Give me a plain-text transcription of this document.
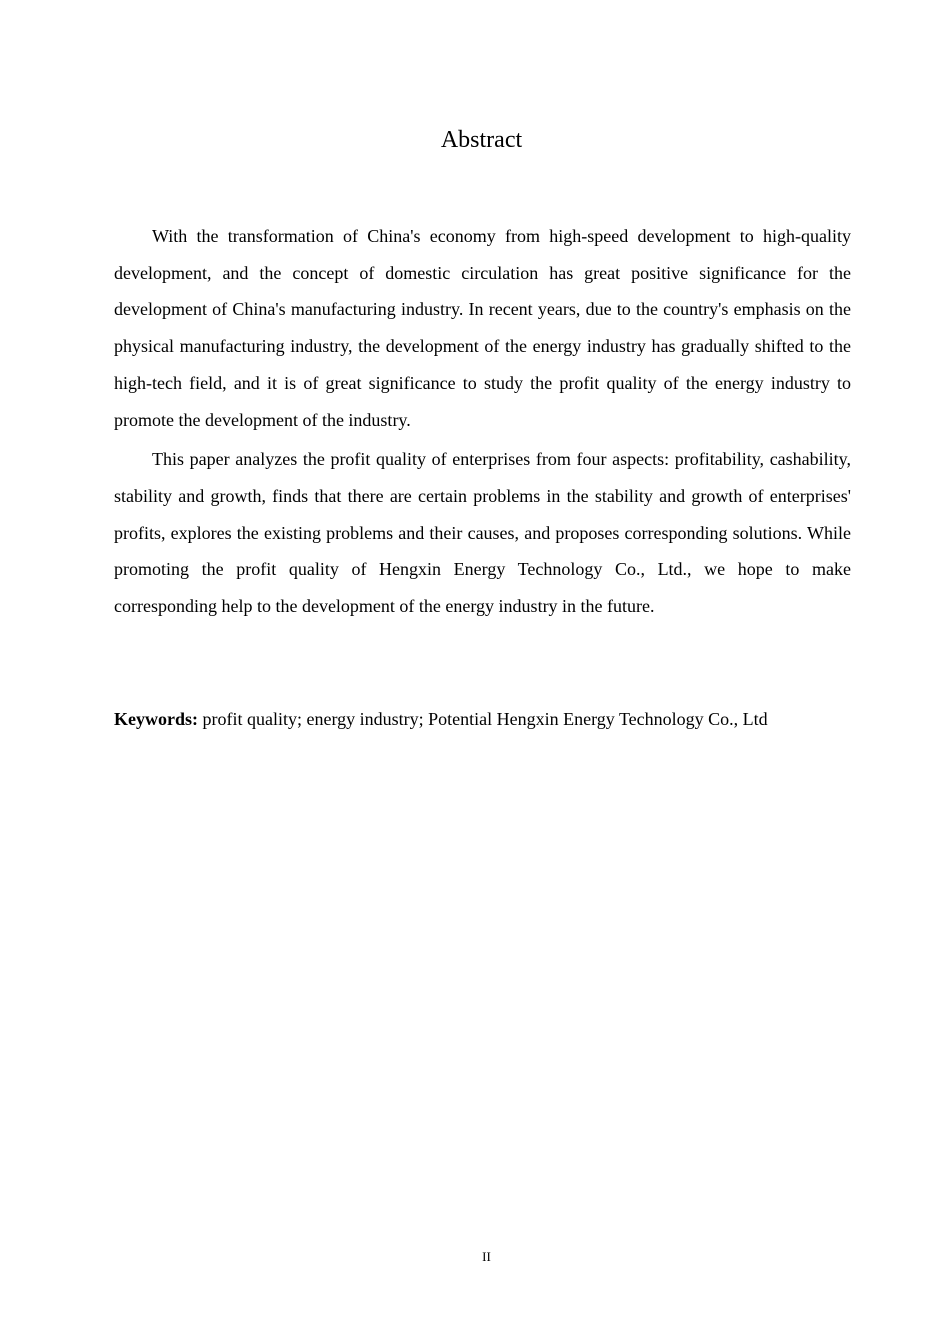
Abstract

With the transformation of China's economy from high-speed development to high-quality development, and the concept of domestic circulation has great positive significance for the development of China's manufacturing industry. In recent years, due to the country's emphasis on the physical manufacturing industry, the development of the energy industry has gradually shifted to the high-tech field, and it is of great significance to study the profit quality of the energy industry to promote the development of the industry.

This paper analyzes the profit quality of enterprises from four aspects: profitability, cashability, stability and growth, finds that there are certain problems in the stability and growth of enterprises' profits, explores the existing problems and their causes, and proposes corresponding solutions. While promoting the profit quality of Hengxin Energy Technology Co., Ltd., we hope to make corresponding help to the development of the energy industry in the future.

Keywords: profit quality; energy industry; Potential Hengxin Energy Technology Co., Ltd
II
